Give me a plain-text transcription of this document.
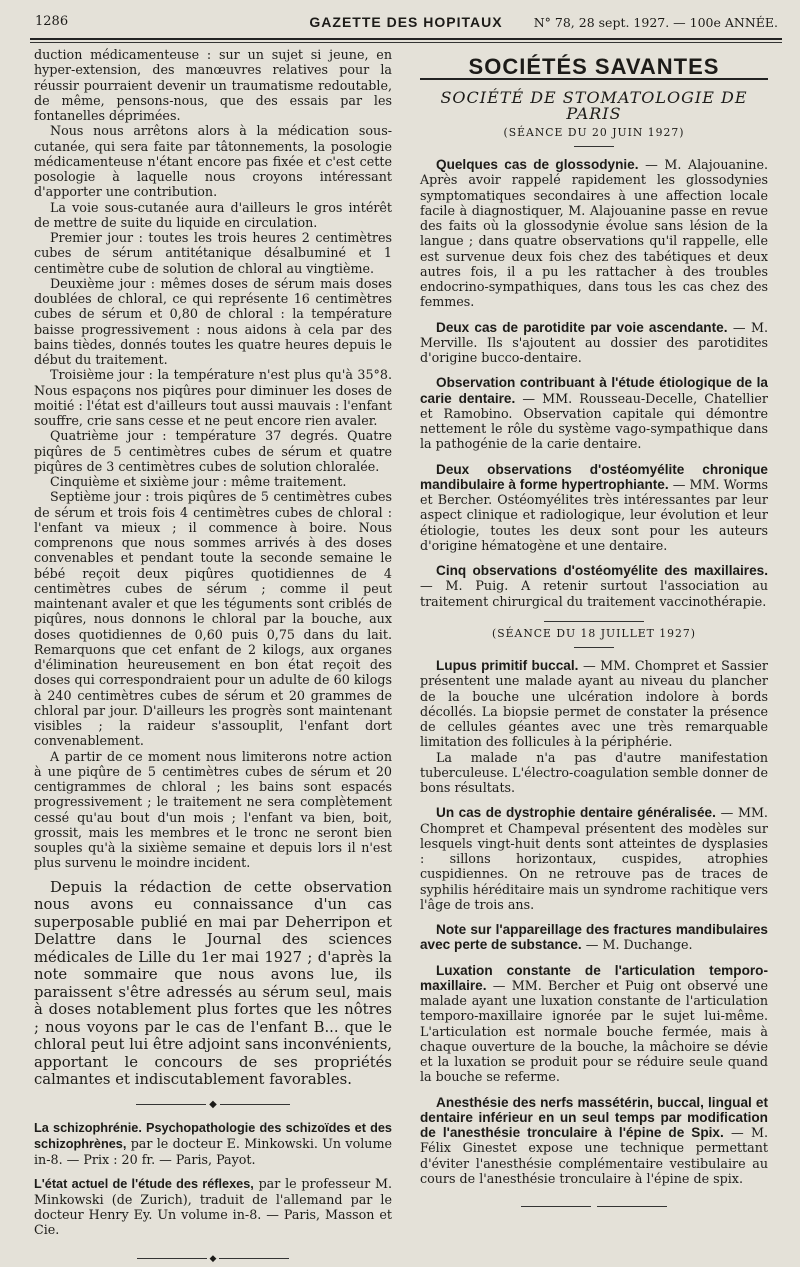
1286	GAZETTE DES HOPITAUX	N° 78, 28 sept. 1927. — 100e ANNÉE.

duction médicamenteuse : sur un sujet si jeune, en hyper-extension, des manœuvres relatives pour la réussir pourraient devenir un traumatisme redoutable, de même, pensons-nous, que des essais par les fontanelles déprimées.

Nous nous arrêtons alors à la médication sous-cutanée, qui sera faite par tâtonnements, la posologie médicamenteuse n'étant encore pas fixée et c'est cette posologie à laquelle nous croyons intéressant d'apporter une contribution.

La voie sous-cutanée aura d'ailleurs le gros intérêt de mettre de suite du liquide en circulation.

Premier jour : toutes les trois heures 2 centimètres cubes de sérum antitétanique désalbuminé et 1 centimètre cube de solution de chloral au vingtième.

Deuxième jour : mêmes doses de sérum mais doses doublées de chloral, ce qui représente 16 centimètres cubes de sérum et 0,80 de chloral : la température baisse progressivement : nous aidons à cela par des bains tièdes, donnés toutes les quatre heures depuis le début du traitement.

Troisième jour : la température n'est plus qu'à 35°8. Nous espaçons nos piqûres pour diminuer les doses de moitié : l'état est d'ailleurs tout aussi mauvais : l'enfant souffre, crie sans cesse et ne peut encore rien avaler.

Quatrième jour : température 37 degrés. Quatre piqûres de 5 centimètres cubes de sérum et quatre piqûres de 3 centimètres cubes de solution chloralée.

Cinquième et sixième jour : même traitement.

Septième jour : trois piqûres de 5 centimètres cubes de sérum et trois fois 4 centimètres cubes de chloral : l'enfant va mieux ; il commence à boire. Nous comprenons que nous sommes arrivés à des doses convenables et pendant toute la seconde semaine le bébé reçoit deux piqûres quotidiennes de 4 centimètres cubes de sérum ; comme il peut maintenant avaler et que les téguments sont criblés de piqûres, nous donnons le chloral par la bouche, aux doses quotidiennes de 0,60 puis 0,75 dans du lait. Remarquons que cet enfant de 2 kilogs, aux organes d'élimination heureusement en bon état reçoit des doses qui correspondraient pour un adulte de 60 kilogs à 240 centimètres cubes de sérum et 20 grammes de chloral par jour. D'ailleurs les progrès sont maintenant visibles ; la raideur s'assouplit, l'enfant dort convenablement.

A partir de ce moment nous limiterons notre action à une piqûre de 5 centimètres cubes de sérum et 20 centigrammes de chloral ; les bains sont espacés progressivement ; le traitement ne sera complètement cessé qu'au bout d'un mois ; l'enfant va bien, boit, grossit, mais les membres et le tronc ne seront bien souples qu'à la sixième semaine et depuis lors il n'est plus survenu le moindre incident.

Depuis la rédaction de cette observation nous avons eu connaissance d'un cas superposable publié en mai par Deherripon et Delattre dans le Journal des sciences médicales de Lille du 1er mai 1927 ; d'après la note sommaire que nous avons lue, ils paraissent s'être adressés au sérum seul, mais à doses notablement plus fortes que les nôtres ; nous voyons par le cas de l'enfant B... que le chloral peut lui être adjoint sans inconvénients, apportant le concours de ses propriétés calmantes et indiscutablement favorables.

◆

La schizophrénie. Psychopathologie des schizoïdes et des schizophrènes, par le docteur E. Minkowski. Un volume in-8. — Prix : 20 fr. — Paris, Payot.

L'état actuel de l'étude des réflexes, par le professeur M. Minkowski (de Zurich), traduit de l'allemand par le docteur Henry Ey. Un volume in-8. — Paris, Masson et Cie.

◆
SOCIÉTÉS SAVANTES
SOCIÉTÉ DE STOMATOLOGIE DE PARIS
(SÉANCE DU 20 JUIN 1927)

Quelques cas de glossodynie. — M. Alajouanine. Après avoir rappelé rapidement les glossodynies symptomatiques secondaires à une affection locale facile à diagnostiquer, M. Alajouanine passe en revue des faits où la glossodynie évolue sans lésion de la langue ; dans quatre observations qu'il rappelle, elle est survenue deux fois chez des tabétiques et deux autres fois, il a pu les rattacher à des troubles endocrino-sympathiques, dans tous les cas chez des femmes.

Deux cas de parotidite par voie ascendante. — M. Merville. Ils s'ajoutent au dossier des parotidites d'origine bucco-dentaire.

Observation contribuant à l'étude étiologique de la carie dentaire. — MM. Rousseau-Decelle, Chatellier et Ramobino. Observation capitale qui démontre nettement le rôle du système vago-sympathique dans la pathogénie de la carie dentaire.

Deux observations d'ostéomyélite chronique mandibulaire à forme hypertrophiante. — MM. Worms et Bercher. Ostéomyélites très intéressantes par leur aspect clinique et radiologique, leur évolution et leur étiologie, toutes les deux sont pour les auteurs d'origine hématogène et une dentaire.

Cinq observations d'ostéomyélite des maxillaires. — M. Puig. A retenir surtout l'association au traitement chirurgical du traitement vaccinothérapie.

(SÉANCE DU 18 JUILLET 1927)

Lupus primitif buccal. — MM. Chompret et Sassier présentent une malade ayant au niveau du plancher de la bouche une ulcération indolore à bords décollés. La biopsie permet de constater la présence de cellules géantes avec une très remarquable limitation des follicules à la périphérie.

La malade n'a pas d'autre manifestation tuberculeuse. L'électro-coagulation semble donner de bons résultats.

Un cas de dystrophie dentaire généralisée. — MM. Chompret et Champeval présentent des modèles sur lesquels vingt-huit dents sont atteintes de dysplasies : sillons horizontaux, cuspides, atrophies cuspidiennes. On ne retrouve pas de traces de syphilis héréditaire mais un syndrome rachitique vers l'âge de trois ans.

Note sur l'appareillage des fractures mandibulaires avec perte de substance. — M. Duchange.

Luxation constante de l'articulation temporo-maxillaire. — MM. Bercher et Puig ont observé une malade ayant une luxation constante de l'articulation temporo-maxillaire ignorée par le sujet lui-même. L'articulation est normale bouche fermée, mais à chaque ouverture de la bouche, la mâchoire se dévie et la luxation se produit pour se réduire seule quand la bouche se referme.

Anesthésie des nerfs massétérin, buccal, lingual et dentaire inférieur en un seul temps par modification de l'anesthésie tronculaire à l'épine de Spix. — M. Félix Ginestet expose une technique permettant d'éviter l'anesthésie complémentaire vestibulaire au cours de l'anesthésie tronculaire à l'épine de spix.
